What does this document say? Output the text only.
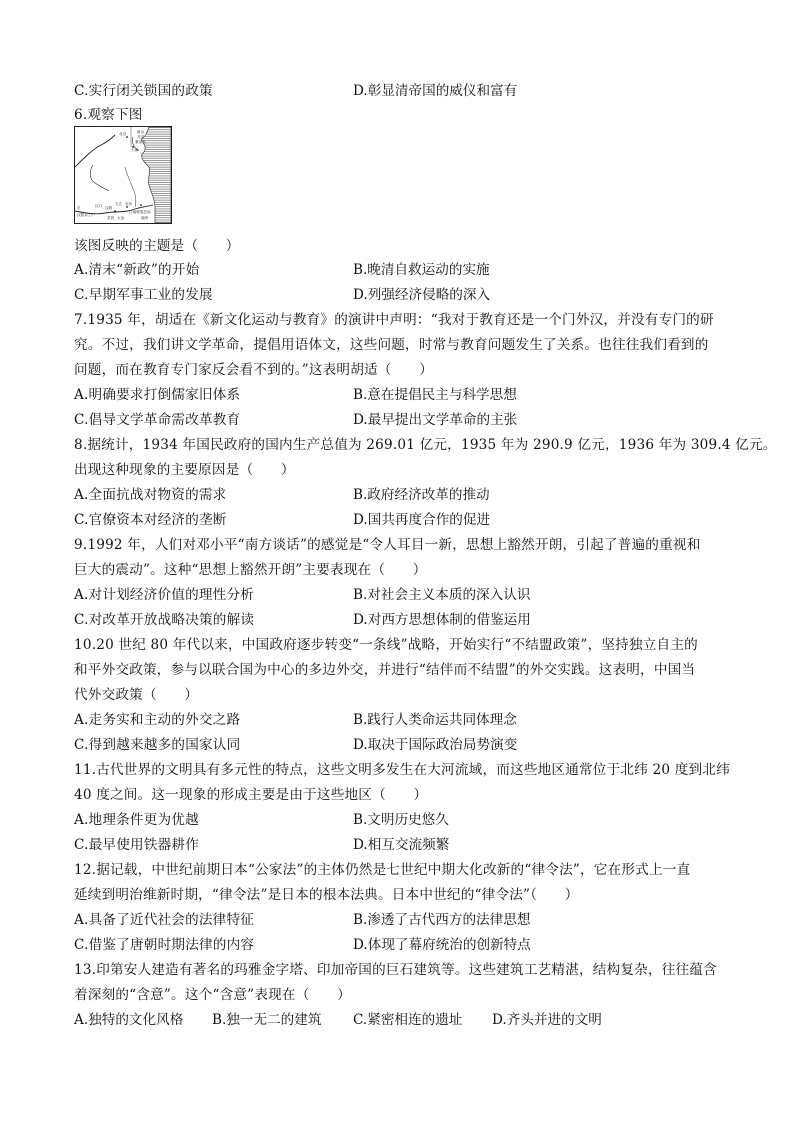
C.实行闭关锁国的政策	D.彰显清帝国的威仪和富有
6.观察下图
北京
天津
唐山
开平
秦皇岛
长	汉口 汉阳
武昌
九江 安庆
大冶
汉阳兵工厂
江南制造总局
福州
该图反映的主题是（　　）
A.清末“新政”的开始	B.晚清自救运动的实施
C.早期军事工业的发展	D.列强经济侵略的深入
7.1935 年，胡适在《新文化运动与教育》的演讲中声明：“我对于教育还是一个门外汉，并没有专门的研
究。不过，我们讲文学革命，提倡用语体文，这些问题，时常与教育问题发生了关系。也往往我们看到的
问题，而在教育专门家反会看不到的。”这表明胡适（　　）
A.明确要求打倒儒家旧体系	B.意在提倡民主与科学思想
C.倡导文学革命需改革教育	D.最早提出文学革命的主张
8.据统计，1934 年国民政府的国内生产总值为 269.01 亿元，1935 年为 290.9 亿元，1936 年为 309.4 亿元。
出现这种现象的主要原因是（　　）
A.全面抗战对物资的需求	B.政府经济改革的推动
C.官僚资本对经济的垄断	D.国共再度合作的促进
9.1992 年，人们对邓小平“南方谈话”的感觉是“令人耳目一新，思想上豁然开朗，引起了普遍的重视和
巨大的震动”。这种“思想上豁然开朗”主要表现在（　　）
A.对计划经济价值的理性分析	B.对社会主义本质的深入认识
C.对改革开放战略决策的解读	D.对西方思想体制的借鉴运用
10.20 世纪 80 年代以来，中国政府逐步转变“一条线”战略，开始实行“不结盟政策”，坚持独立自主的
和平外交政策，参与以联合国为中心的多边外交，并进行“结伴而不结盟”的外交实践。这表明，中国当
代外交政策（　　）
A.走务实和主动的外交之路	B.践行人类命运共同体理念
C.得到越来越多的国家认同	D.取决于国际政治局势演变
11.古代世界的文明具有多元性的特点，这些文明多发生在大河流域，而这些地区通常位于北纬 20 度到北纬
40 度之间。这一现象的形成主要是由于这些地区（　　）
A.地理条件更为优越	B.文明历史悠久
C.最早使用铁器耕作	D.相互交流频繁
12.据记载，中世纪前期日本“公家法”的主体仍然是七世纪中期大化改新的“律令法”，它在形式上一直
延续到明治维新时期，“律令法”是日本的根本法典。日本中世纪的“律令法”（　　）
A.具备了近代社会的法律特征	B.渗透了古代西方的法律思想
C.借鉴了唐朝时期法律的内容	D.体现了幕府统治的创新特点
13.印第安人建造有著名的玛雅金字塔、印加帝国的巨石建筑等。这些建筑工艺精湛，结构复杂，往往蕴含
着深刻的“含意”。这个“含意”表现在（　　）
A.独特的文化风格 B.独一无二的建筑 C.紧密相连的遗址 D.齐头并进的文明
